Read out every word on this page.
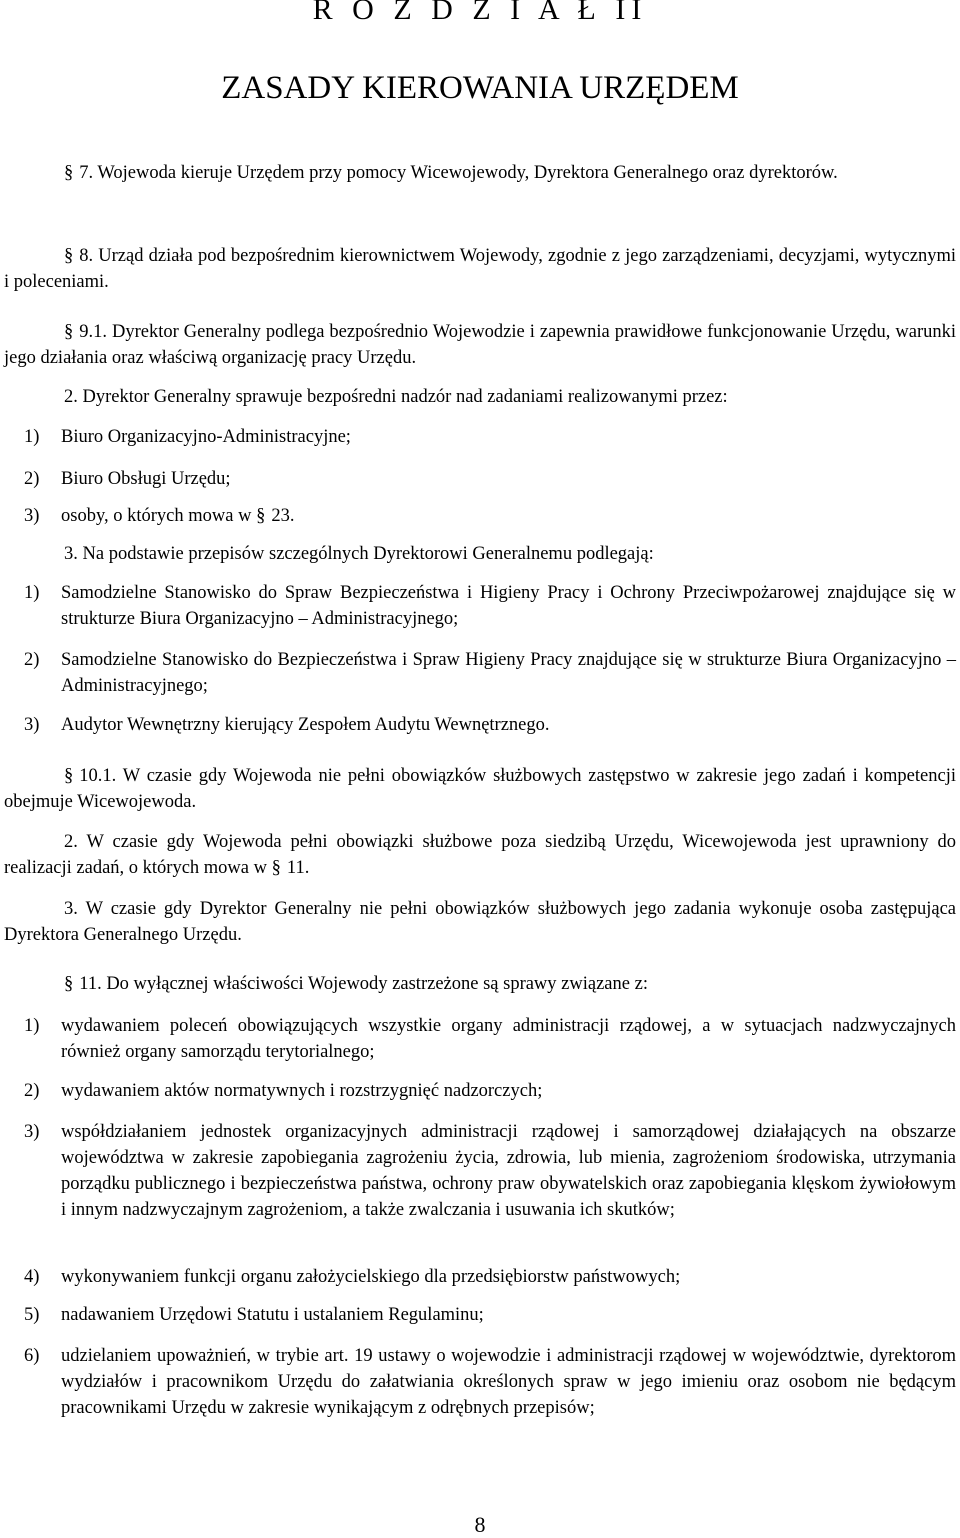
R O Z D Z I A Ł II
ZASADY KIEROWANIA URZĘDEM

§ 7. Wojewoda kieruje Urzędem przy pomocy Wicewojewody, Dyrektora Generalnego oraz dyrektorów.

§ 8. Urząd działa pod bezpośrednim kierownictwem Wojewody, zgodnie z jego zarządzeniami, decyzjami, wytycznymi i poleceniami.

§ 9.1. Dyrektor Generalny podlega bezpośrednio Wojewodzie i zapewnia prawidłowe funkcjonowanie Urzędu, warunki jego działania oraz właściwą organizację pracy Urzędu.

2. Dyrektor Generalny sprawuje bezpośredni nadzór nad zadaniami realizowanymi przez:

1) Biuro Organizacyjno-Administracyjne;
2) Biuro Obsługi Urzędu;
3) osoby, o których mowa w § 23.

3. Na podstawie przepisów szczególnych Dyrektorowi Generalnemu podlegają:

1) Samodzielne Stanowisko do Spraw Bezpieczeństwa i Higieny Pracy i Ochrony Przeciwpożarowej znajdujące się w strukturze Biura Organizacyjno – Administracyjnego;
2) Samodzielne Stanowisko do Bezpieczeństwa i Spraw Higieny Pracy znajdujące się w strukturze Biura Organizacyjno – Administracyjnego;
3) Audytor Wewnętrzny kierujący Zespołem Audytu Wewnętrznego.

§ 10.1. W czasie gdy Wojewoda nie pełni obowiązków służbowych zastępstwo w zakresie jego zadań i kompetencji obejmuje Wicewojewoda.

2. W czasie gdy Wojewoda pełni obowiązki służbowe poza siedzibą Urzędu, Wicewojewoda jest uprawniony do realizacji zadań, o których mowa w § 11.

3. W czasie gdy Dyrektor Generalny nie pełni obowiązków służbowych jego zadania wykonuje osoba zastępująca Dyrektora Generalnego Urzędu.

§ 11. Do wyłącznej właściwości Wojewody zastrzeżone są sprawy związane z:

1) wydawaniem poleceń obowiązujących wszystkie organy administracji rządowej, a w sytuacjach nadzwyczajnych również organy samorządu terytorialnego;
2) wydawaniem aktów normatywnych i rozstrzygnięć nadzorczych;
3) współdziałaniem jednostek organizacyjnych administracji rządowej i samorządowej działających na obszarze województwa w zakresie zapobiegania zagrożeniu życia, zdrowia, lub mienia, zagrożeniom środowiska, utrzymania porządku publicznego i bezpieczeństwa państwa, ochrony praw obywatelskich oraz zapobiegania klęskom żywiołowym i innym nadzwyczajnym zagrożeniom, a także zwalczania i usuwania ich skutków;
4) wykonywaniem funkcji organu założycielskiego dla przedsiębiorstw państwowych;
5) nadawaniem Urzędowi Statutu i ustalaniem Regulaminu;
6) udzielaniem upoważnień, w trybie art. 19 ustawy o wojewodzie i administracji rządowej w województwie, dyrektorom wydziałów i pracownikom Urzędu do załatwiania określonych spraw w jego imieniu oraz osobom nie będącym pracownikami Urzędu w zakresie wynikającym z odrębnych przepisów;
8
